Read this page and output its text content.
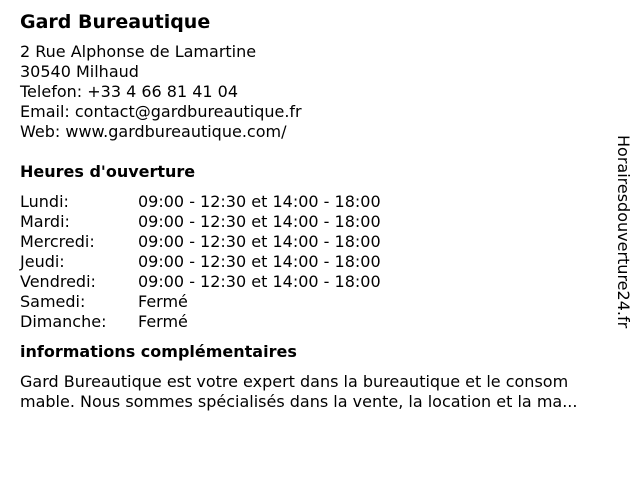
Gard Bureautique
2 Rue Alphonse de Lamartine
30540 Milhaud
Telefon: +33 4 66 81 41 04
Email: contact@gardbureautique.fr
Web: www.gardbureautique.com/
Heures d'ouverture
Lundi:	09:00 - 12:30 et 14:00 - 18:00
Mardi:	09:00 - 12:30 et 14:00 - 18:00
Mercredi:	09:00 - 12:30 et 14:00 - 18:00
Jeudi:	09:00 - 12:30 et 14:00 - 18:00
Vendredi:	09:00 - 12:30 et 14:00 - 18:00
Samedi:	Fermé
Dimanche:	Fermé
informations complémentaires
Gard Bureautique est votre expert dans la bureautique et le consom
mable. Nous sommes spécialisés dans la vente, la location et la ma...
Horairesdouverture24.fr
